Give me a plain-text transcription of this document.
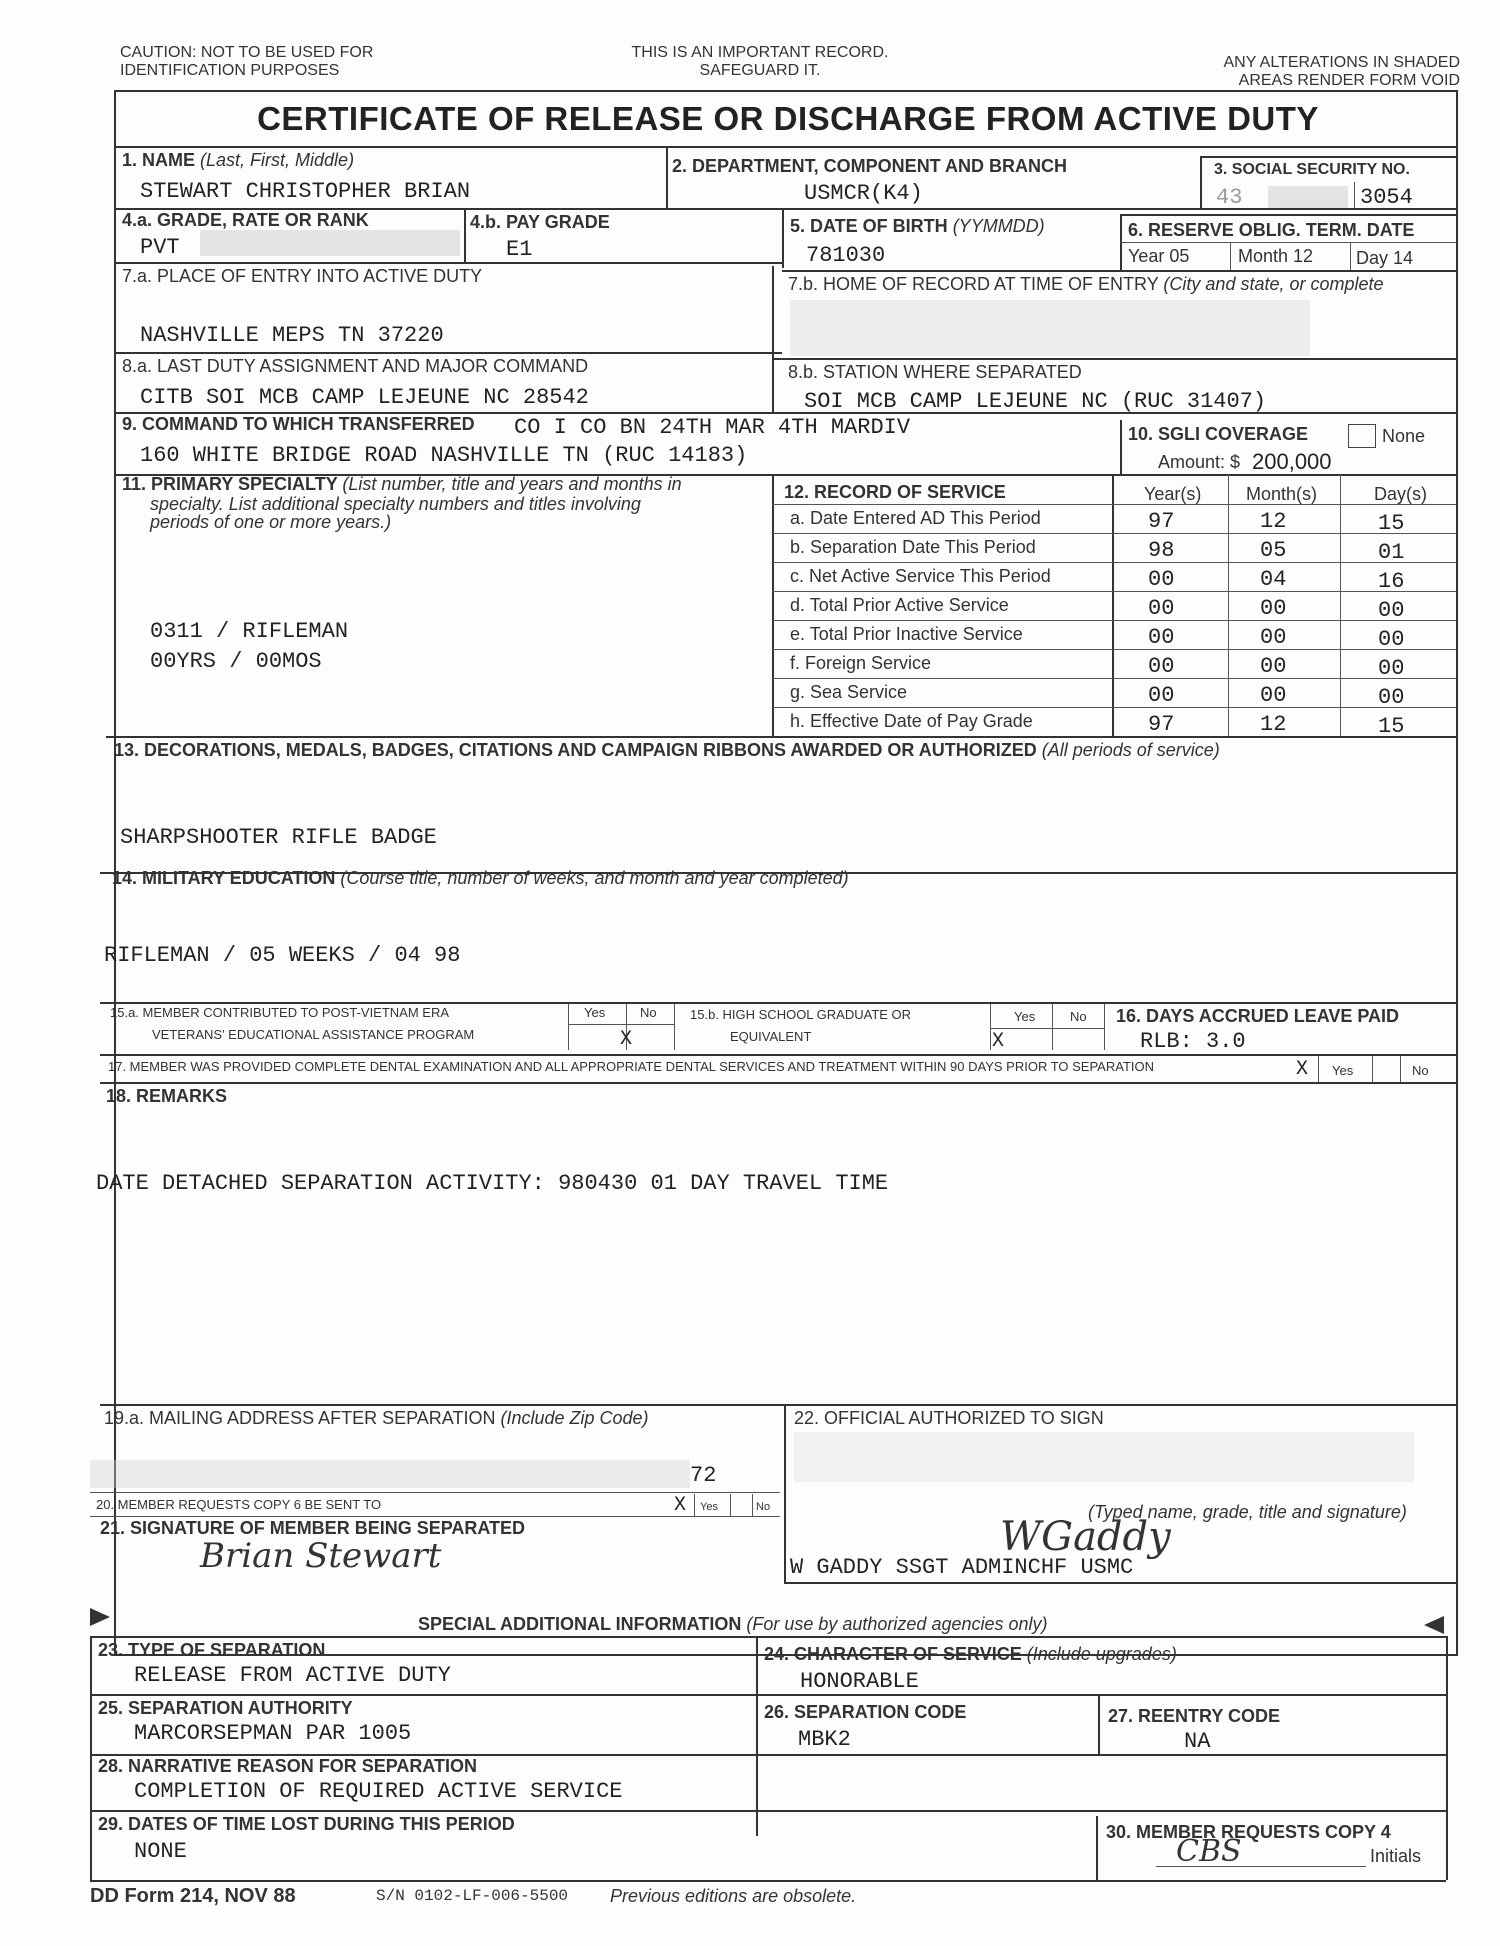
CAUTION: NOT TO BE USED FOR
IDENTIFICATION PURPOSES
THIS IS AN IMPORTANT RECORD.
SAFEGUARD IT.	ANY ALTERATIONS IN SHADED
AREAS RENDER FORM VOID
CERTIFICATE OF RELEASE OR DISCHARGE FROM ACTIVE DUTY
1. NAME (Last, First, Middle)
STEWART CHRISTOPHER BRIAN
2. DEPARTMENT, COMPONENT AND BRANCH
USMCR(K4)
3. SOCIAL SECURITY NO.
43	3054
4.a. GRADE, RATE OR RANK
PVT
4.b. PAY GRADE
E1
5. DATE OF BIRTH (YYMMDD)
781030
6. RESERVE OBLIG. TERM. DATE
Year 05	Month 12 Day 14
7.a. PLACE OF ENTRY INTO ACTIVE DUTY
NASHVILLE MEPS TN 37220
7.b. HOME OF RECORD AT TIME OF ENTRY (City and state, or complete
8.a. LAST DUTY ASSIGNMENT AND MAJOR COMMAND
CITB SOI MCB CAMP LEJEUNE NC 28542
8.b. STATION WHERE SEPARATED
SOI MCB CAMP LEJEUNE NC (RUC 31407)
9. COMMAND TO WHICH TRANSFERRED CO I CO BN 24TH MAR 4TH MARDIV
160 WHITE BRIDGE ROAD NASHVILLE TN (RUC 14183)
10. SGLI COVERAGE	None
Amount: $ 200,000
11. PRIMARY SPECIALTY (List number, title and years and months in
specialty. List additional specialty numbers and titles involving
periods of one or more years.)
0311 / RIFLEMAN
00YRS / 00MOS
12. RECORD OF SERVICE	Year(s) Month(s)	Day(s)
a. Date Entered AD This Period	97	12	15
b. Separation Date This Period	98	05	01
c. Net Active Service This Period	00	04	16
d. Total Prior Active Service	00	00	00
e. Total Prior Inactive Service	00	00	00
f. Foreign Service	00	00	00
g. Sea Service	00	00	00
h. Effective Date of Pay Grade	97	12	15
13. DECORATIONS, MEDALS, BADGES, CITATIONS AND CAMPAIGN RIBBONS AWARDED OR AUTHORIZED (All periods of service)
SHARPSHOOTER RIFLE BADGE
14. MILITARY EDUCATION (Course title, number of weeks, and month and year completed)
RIFLEMAN / 05 WEEKS / 04 98
15.a. MEMBER CONTRIBUTED TO POST-VIETNAM ERA
VETERANS' EDUCATIONAL ASSISTANCE PROGRAM
Yes	No
X
15.b. HIGH SCHOOL GRADUATE OR
EQUIVALENT
Yes	No
X
16. DAYS ACCRUED LEAVE PAID
RLB: 3.0
17. MEMBER WAS PROVIDED COMPLETE DENTAL EXAMINATION AND ALL APPROPRIATE DENTAL SERVICES AND TREATMENT WITHIN 90 DAYS PRIOR TO SEPARATION	X Yes	No
18. REMARKS
DATE DETACHED SEPARATION ACTIVITY: 980430 01 DAY TRAVEL TIME
19.a. MAILING ADDRESS AFTER SEPARATION (Include Zip Code)
72
20. MEMBER REQUESTS COPY 6 BE SENT TO	X Yes	No
21. SIGNATURE OF MEMBER BEING SEPARATED
Brian Stewart
22. OFFICIAL AUTHORIZED TO SIGN
(Typed name, grade, title and signature)
WGaddy
W GADDY SSGT ADMINCHF USMC
SPECIAL ADDITIONAL INFORMATION (For use by authorized agencies only)
23. TYPE OF SEPARATION
RELEASE FROM ACTIVE DUTY
24. CHARACTER OF SERVICE (Include upgrades)
HONORABLE
25. SEPARATION AUTHORITY
MARCORSEPMAN PAR 1005
26. SEPARATION CODE
MBK2
27. REENTRY CODE
NA
28. NARRATIVE REASON FOR SEPARATION
COMPLETION OF REQUIRED ACTIVE SERVICE
29. DATES OF TIME LOST DURING THIS PERIOD
NONE
30. MEMBER REQUESTS COPY 4
CBS	Initials
DD Form 214, NOV 88	S/N 0102-LF-006-5500 Previous editions are obsolete.
